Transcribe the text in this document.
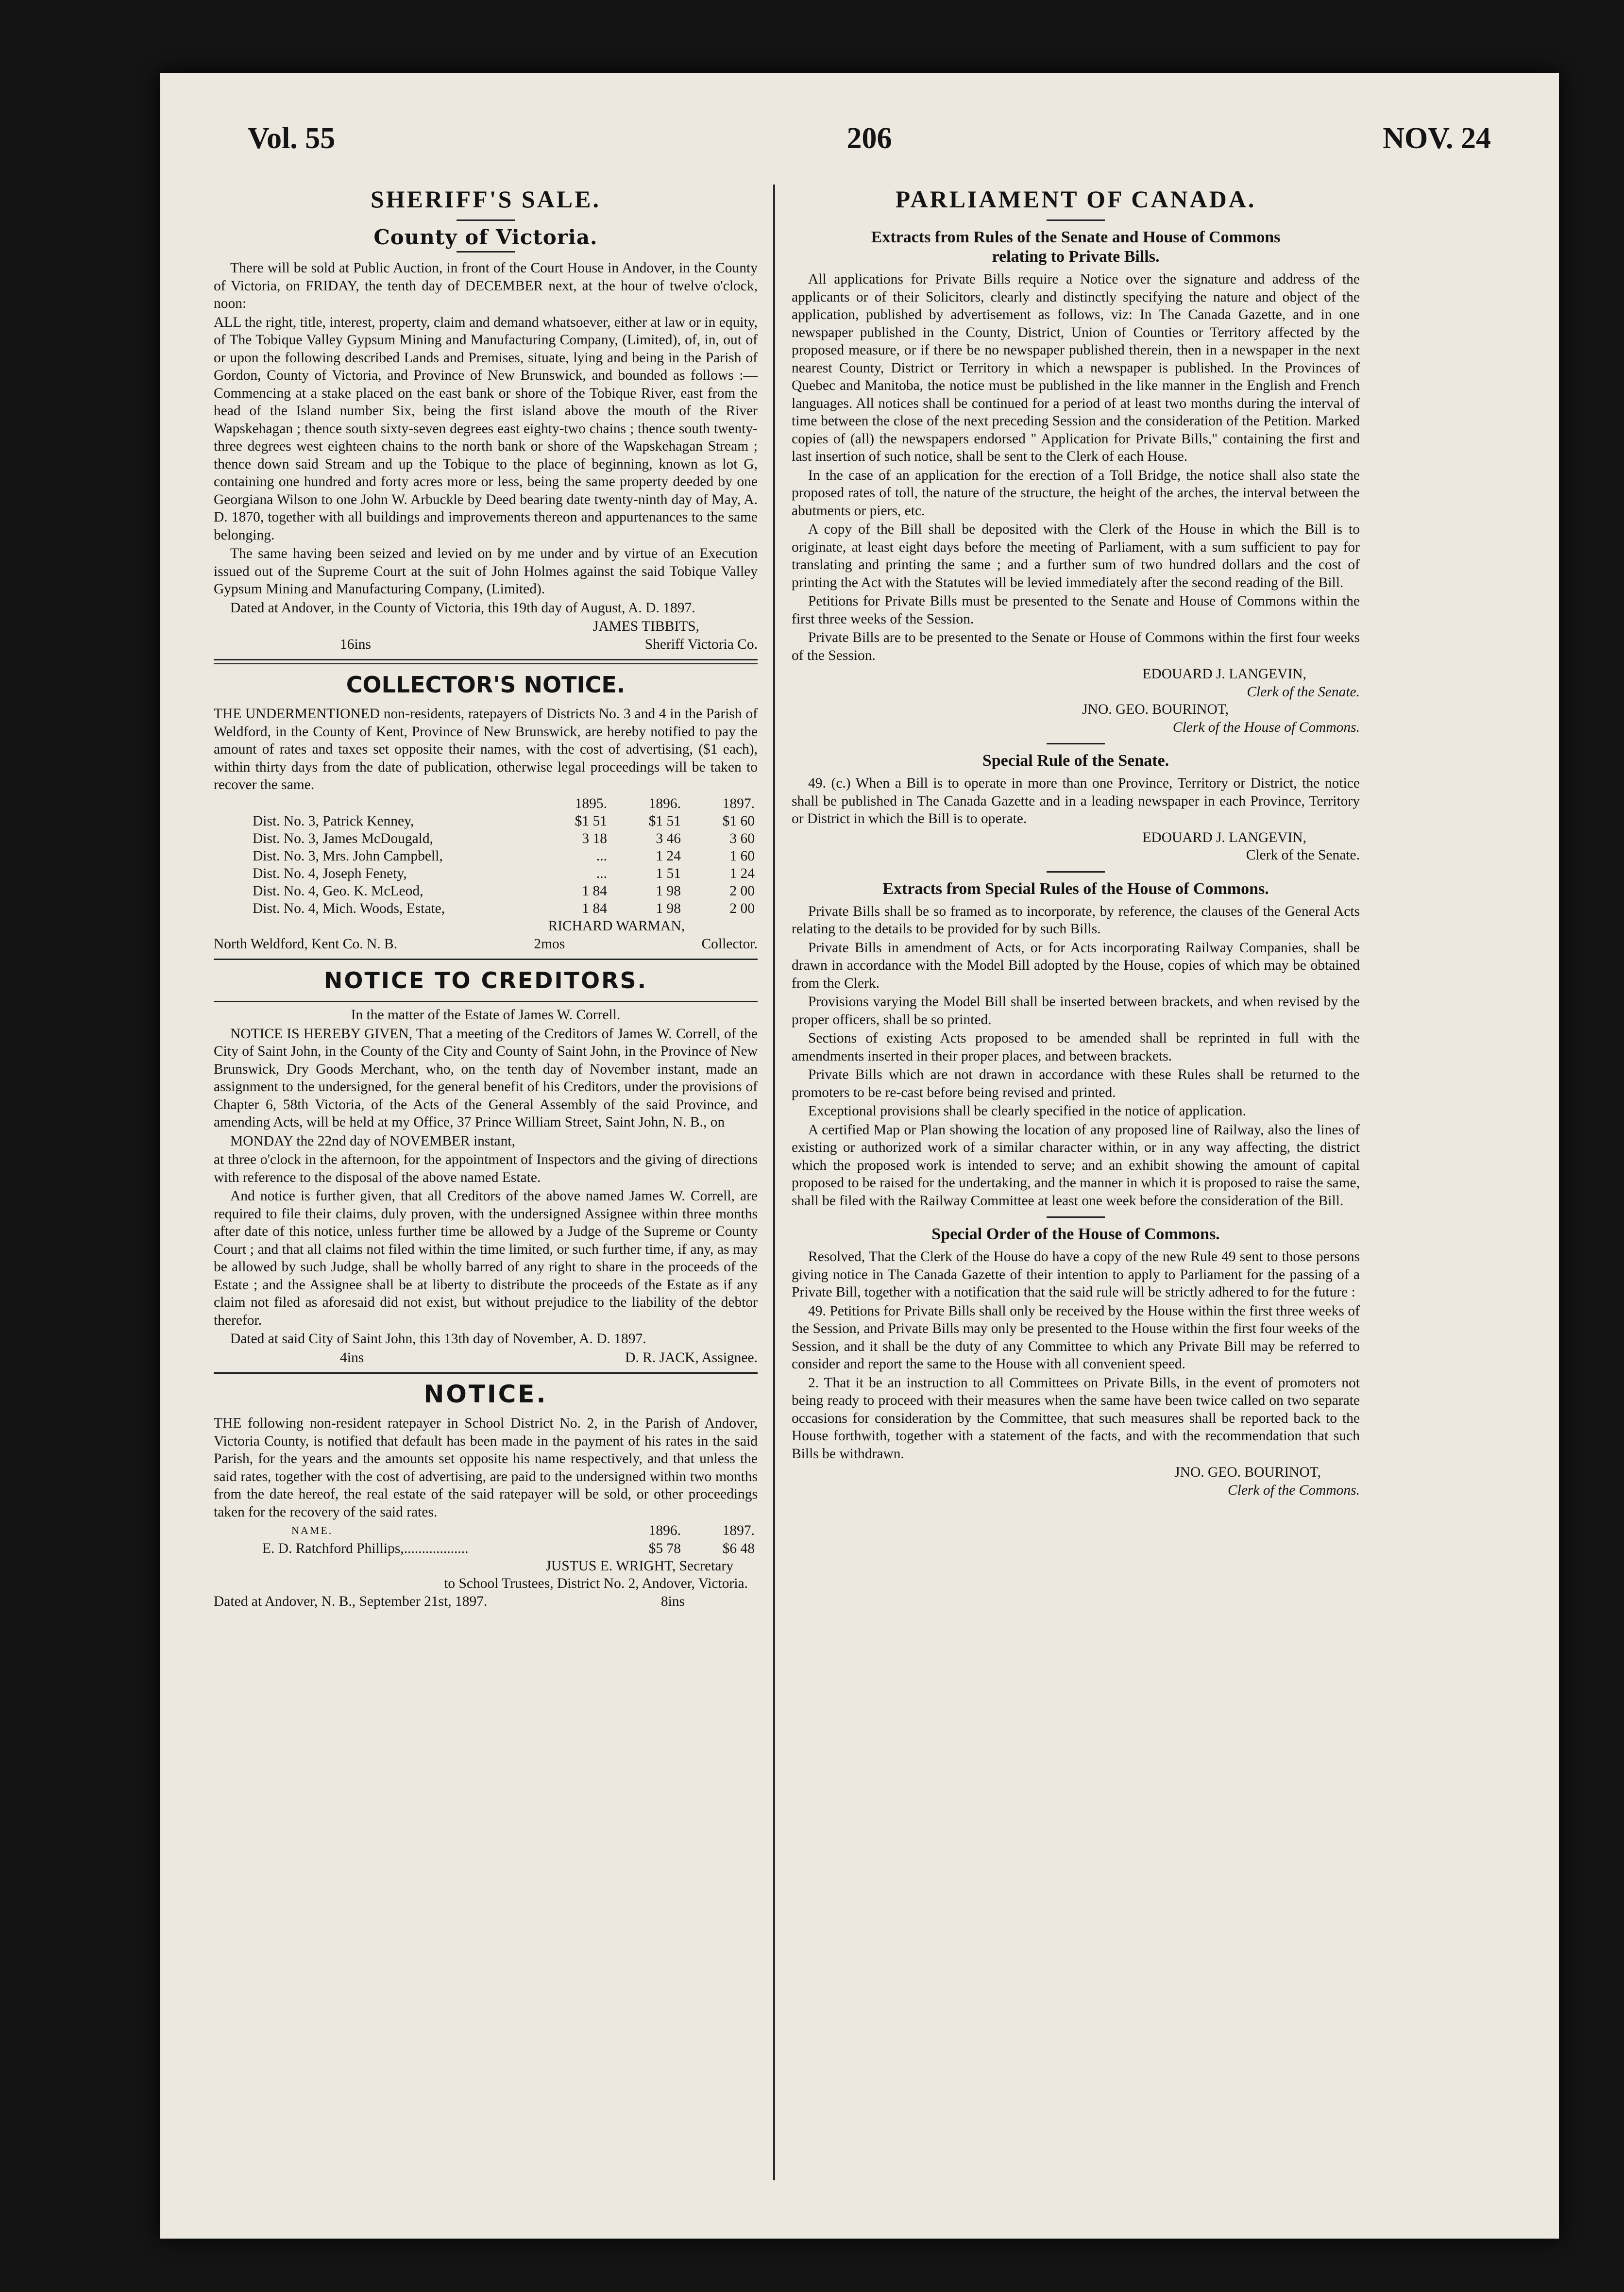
Vol. 55	206	NOV. 24
SHERIFF'S SALE.
County of Victoria.

There will be sold at Public Auction, in front of the Court House in Andover, in the County of Victoria, on FRIDAY, the tenth day of DECEMBER next, at the hour of twelve o'clock, noon:

ALL the right, title, interest, property, claim and demand whatsoever, either at law or in equity, of The Tobique Valley Gypsum Mining and Manufacturing Company, (Limited), of, in, out of or upon the following described Lands and Premises, situate, lying and being in the Parish of Gordon, County of Victoria, and Province of New Brunswick, and bounded as follows :—Commencing at a stake placed on the east bank or shore of the Tobique River, east from the head of the Island number Six, being the first island above the mouth of the River Wapskehagan ; thence south sixty-seven degrees east eighty-two chains ; thence south twenty-three degrees west eighteen chains to the north bank or shore of the Wapskehagan Stream ; thence down said Stream and up the Tobique to the place of beginning, known as lot G, containing one hundred and forty acres more or less, being the same property deeded by one Georgiana Wilson to one John W. Arbuckle by Deed bearing date twenty-ninth day of May, A. D. 1870, together with all buildings and improvements thereon and appurtenances to the same belonging.

The same having been seized and levied on by me under and by virtue of an Execution issued out of the Supreme Court at the suit of John Holmes against the said Tobique Valley Gypsum Mining and Manufacturing Company, (Limited).

Dated at Andover, in the County of Victoria, this 19th day of August, A. D. 1897.

JAMES TIBBITS,
16ins	Sheriff Victoria Co.
COLLECTOR'S NOTICE.

THE UNDERMENTIONED non-residents, ratepayers of Districts No. 3 and 4 in the Parish of Weldford, in the County of Kent, Province of New Brunswick, are hereby notified to pay the amount of rates and taxes set opposite their names, with the cost of advertising, ($1 each), within thirty days from the date of publication, otherwise legal proceedings will be taken to recover the same.

	1895.	1896.	1897.
Dist. No. 3, Patrick Kenney,	$1 51	$1 51	$1 60
Dist. No. 3, James McDougald,	3 18	3 46	3 60
Dist. No. 3, Mrs. John Campbell,	...	1 24	1 60
Dist. No. 4, Joseph Fenety,	...	1 51	1 24
Dist. No. 4, Geo. K. McLeod,	1 84	1 98	2 00
Dist. No. 4, Mich. Woods, Estate,	1 84	1 98	2 00
RICHARD WARMAN,
North Weldford, Kent Co. N. B.	2mos	Collector.
NOTICE TO CREDITORS.

In the matter of the Estate of James W. Correll.

NOTICE IS HEREBY GIVEN, That a meeting of the Creditors of James W. Correll, of the City of Saint John, in the County of the City and County of Saint John, in the Province of New Brunswick, Dry Goods Merchant, who, on the tenth day of November instant, made an assignment to the undersigned, for the general benefit of his Creditors, under the provisions of Chapter 6, 58th Victoria, of the Acts of the General Assembly of the said Province, and amending Acts, will be held at my Office, 37 Prince William Street, Saint John, N. B., on

MONDAY the 22nd day of NOVEMBER instant,

at three o'clock in the afternoon, for the appointment of Inspectors and the giving of directions with reference to the disposal of the above named Estate.

And notice is further given, that all Creditors of the above named James W. Correll, are required to file their claims, duly proven, with the undersigned Assignee within three months after date of this notice, unless further time be allowed by a Judge of the Supreme or County Court ; and that all claims not filed within the time limited, or such further time, if any, as may be allowed by such Judge, shall be wholly barred of any right to share in the proceeds of the Estate ; and the Assignee shall be at liberty to distribute the proceeds of the Estate as if any claim not filed as aforesaid did not exist, but without prejudice to the liability of the debtor therefor.

Dated at said City of Saint John, this 13th day of November, A. D. 1897.

4ins	D. R. JACK, Assignee.
NOTICE.

THE following non-resident ratepayer in School District No. 2, in the Parish of Andover, Victoria County, is notified that default has been made in the payment of his rates in the said Parish, for the years and the amounts set opposite his name respectively, and that unless the said rates, together with the cost of advertising, are paid to the undersigned within two months from the date hereof, the real estate of the said ratepayer will be sold, or other proceedings taken for the recovery of the said rates.

NAME.	1896.	1897.
E. D. Ratchford Phillips,..................	$5 78	$6 48
JUSTUS E. WRIGHT, Secretary
to School Trustees, District No. 2, Andover, Victoria.
Dated at Andover, N. B., September 21st, 1897.	8ins
PARLIAMENT OF CANADA.
Extracts from Rules of the Senate and House of Commons relating to Private Bills.

All applications for Private Bills require a Notice over the signature and address of the applicants or of their Solicitors, clearly and distinctly specifying the nature and object of the application, published by advertisement as follows, viz: In The Canada Gazette, and in one newspaper published in the County, District, Union of Counties or Territory affected by the proposed measure, or if there be no newspaper published therein, then in a newspaper in the next nearest County, District or Territory in which a newspaper is published. In the Provinces of Quebec and Manitoba, the notice must be published in the like manner in the English and French languages. All notices shall be continued for a period of at least two months during the interval of time between the close of the next preceding Session and the consideration of the Petition. Marked copies of (all) the newspapers endorsed " Application for Private Bills," containing the first and last insertion of such notice, shall be sent to the Clerk of each House.

In the case of an application for the erection of a Toll Bridge, the notice shall also state the proposed rates of toll, the nature of the structure, the height of the arches, the interval between the abutments or piers, etc.

A copy of the Bill shall be deposited with the Clerk of the House in which the Bill is to originate, at least eight days before the meeting of Parliament, with a sum sufficient to pay for translating and printing the same ; and a further sum of two hundred dollars and the cost of printing the Act with the Statutes will be levied immediately after the second reading of the Bill.

Petitions for Private Bills must be presented to the Senate and House of Commons within the first three weeks of the Session.

Private Bills are to be presented to the Senate or House of Commons within the first four weeks of the Session.

EDOUARD J. LANGEVIN,
Clerk of the Senate.
JNO. GEO. BOURINOT,
Clerk of the House of Commons.
Special Rule of the Senate.

49. (c.) When a Bill is to operate in more than one Province, Territory or District, the notice shall be published in The Canada Gazette and in a leading newspaper in each Province, Territory or District in which the Bill is to operate.

EDOUARD J. LANGEVIN,
Clerk of the Senate.
Extracts from Special Rules of the House of Commons.

Private Bills shall be so framed as to incorporate, by reference, the clauses of the General Acts relating to the details to be provided for by such Bills.

Private Bills in amendment of Acts, or for Acts incorporating Railway Companies, shall be drawn in accordance with the Model Bill adopted by the House, copies of which may be obtained from the Clerk.

Provisions varying the Model Bill shall be inserted between brackets, and when revised by the proper officers, shall be so printed.

Sections of existing Acts proposed to be amended shall be reprinted in full with the amendments inserted in their proper places, and between brackets.

Private Bills which are not drawn in accordance with these Rules shall be returned to the promoters to be re-cast before being revised and printed.

Exceptional provisions shall be clearly specified in the notice of application.

A certified Map or Plan showing the location of any proposed line of Railway, also the lines of existing or authorized work of a similar character within, or in any way affecting, the district which the proposed work is intended to serve; and an exhibit showing the amount of capital proposed to be raised for the undertaking, and the manner in which it is proposed to raise the same, shall be filed with the Railway Committee at least one week before the consideration of the Bill.

Special Order of the House of Commons.

Resolved, That the Clerk of the House do have a copy of the new Rule 49 sent to those persons giving notice in The Canada Gazette of their intention to apply to Parliament for the passing of a Private Bill, together with a notification that the said rule will be strictly adhered to for the future :

49. Petitions for Private Bills shall only be received by the House within the first three weeks of the Session, and Private Bills may only be presented to the House within the first four weeks of the Session, and it shall be the duty of any Committee to which any Private Bill may be referred to consider and report the same to the House with all convenient speed.

2. That it be an instruction to all Committees on Private Bills, in the event of promoters not being ready to proceed with their measures when the same have been twice called on two separate occasions for consideration by the Committee, that such measures shall be reported back to the House forthwith, together with a statement of the facts, and with the recommendation that such Bills be withdrawn.

JNO. GEO. BOURINOT,
Clerk of the Commons.
